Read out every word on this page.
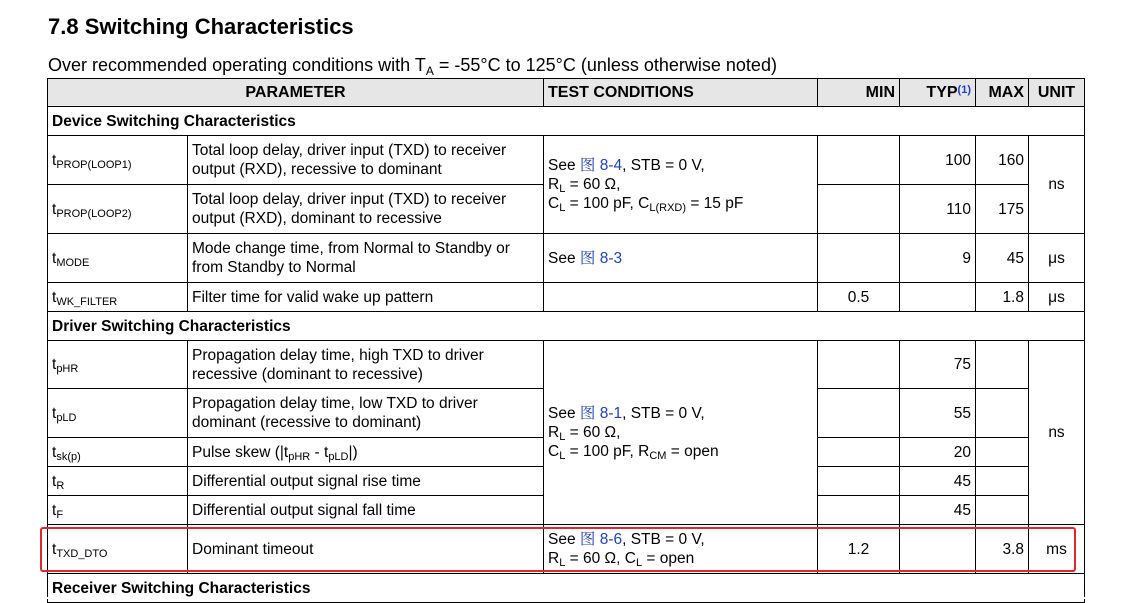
7.8 Switching Characteristics
Over recommended operating conditions with $T_A = -55^\circ C$ to 125°C (unless otherwise noted)
PARAMETER		TEST CONDITIONS	MIN	TYP$^{(1)}$	MAX	UNIT
Device Switching Characteristics						
$t_{PROP(LOOP1)}$	Total loop delay, driver input (TXD) to receiver output (RXD), recessive to dominant	See 图 8-4, STB = 0 V,
$R_L = 60$ Ω,
$C_L = 100$ pF, $C_{L(RXD)} = 15$ pF		100	160	ns
$t_{PROP(LOOP2)}$	Total loop delay, driver input (TXD) to receiver output (RXD), dominant to recessive			110	175	
$t_{MODE}$	Mode change time, from Normal to Standby or from Standby to Normal	See 图 8-3		9	45	μs
$t_{WK\_FILTER}$	Filter time for valid wake up pattern		0.5		1.8	μs
Driver Switching Characteristics						
$t_{pHR}$	Propagation delay time, high TXD to driver recessive (dominant to recessive)	See 图 8-1, STB = 0 V,
$R_L = 60$ Ω,
$C_L = 100$ pF, $R_{CM}$ = open		75		ns
$t_{pLD}$	Propagation delay time, low TXD to driver dominant (recessive to dominant)			55		
$t_{sk(p)}$	Pulse skew $(|t_{pHR} - t_{pLD}|)$			20		
$t_R$	Differential output signal rise time			45		
$t_F$	Differential output signal fall time			45		
$t_{TXD\_DTO}$	Dominant timeout	See 图 8-6, STB = 0 V,
$R_L = 60$ Ω, $C_L$ = open	1.2		3.8	ms
Receiver Switching Characteristics						
